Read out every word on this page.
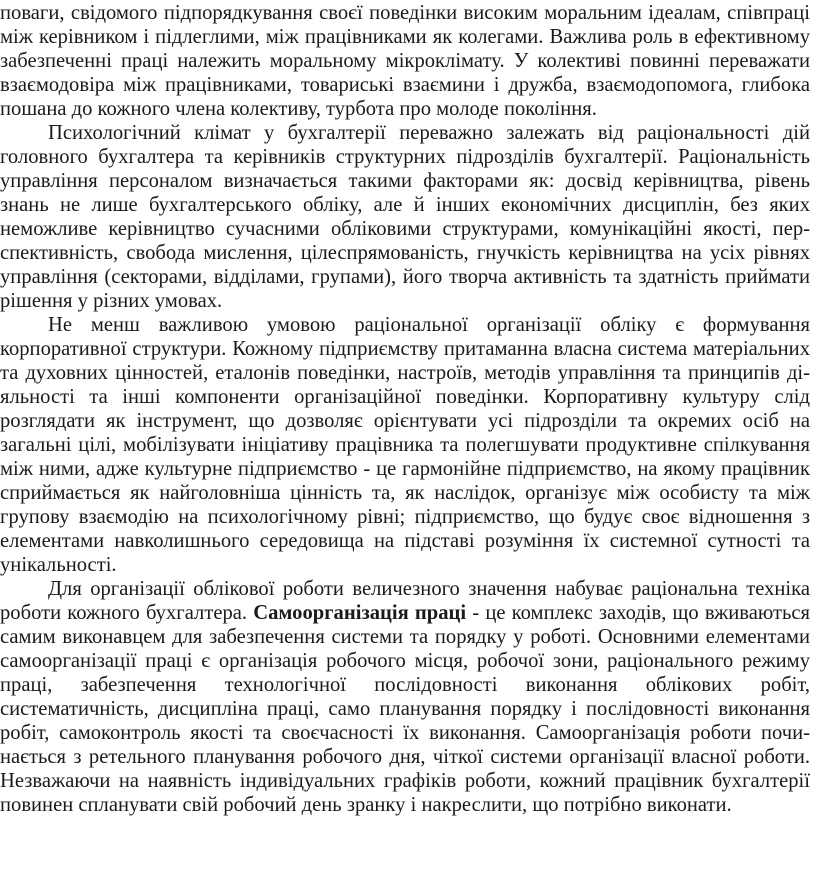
поваги, свідомого підпорядкування своєї поведінки високим моральним ідеалам, співпраці між керівником і підлеглими, між працівниками як колегами. Важлива роль в ефективному забезпеченні праці належить моральному мікроклімату. У колективі повинні переважати взаємодовіра між працівниками, товариські взаємини і дружба, взаємодопомога, глибока пошана до кожного члена колективу, турбота про молоде покоління.

Психологічний клімат у бухгалтерії переважно залежать від раціональності дій головного бухгалтера та керівників структурних підрозділів бухгалтерії. Раціональність управління персоналом визначається такими факторами як: досвід керівництва, рівень знань не лише бухгалтерського обліку, але й інших економічних дисциплін, без яких неможливе керівництво сучасними обліковими структурами, комунікаційні якості, перспективність, свобода мислення, цілеспрямованість, гнучкість керівництва на усіх рівнях управління (секторами, відділами, групами), його творча активність та здатність приймати рішення у різних умовах.

Не менш важливою умовою раціональної організації обліку є формування корпоративної структури. Кожному підприємству притаманна власна система матеріальних та духовних цінностей, еталонів поведінки, настроїв, методів управління та принципів діяльності та інші компоненти організаційної поведінки. Корпоративну культуру слід розглядати як інструмент, що дозволяє орієнтувати усі підрозділи та окремих осіб на загальні цілі, мобілізувати ініціативу працівника та полегшувати продуктивне спілкування між ними, адже культурне підприємство - це гармонійне підприємство, на якому працівник сприймається як найголовніша цінність та, як наслідок, організує між особисту та між групову взаємодію на психологічному рівні; підприємство, що будує своє відношення з елементами навколишнього середовища на підставі розуміння їх системної сутності та унікальності.

Для організації облікової роботи величезного значення набуває раціональна техніка роботи кожного бухгалтера. Самоорганізація праці - це комплекс заходів, що вживаються самим виконавцем для забезпечення системи та порядку у роботі. Основними елементами самоорганізації праці є організація робочого місця, робочої зони, раціонального режиму праці, забезпечення технологічної послідовності виконання облікових робіт, систематичність, дисципліна праці, само планування порядку і послідовності виконання робіт, самоконтроль якості та своєчасності їх виконання. Самоорганізація роботи починається з ретельного планування робочого дня, чіткої системи організації власної роботи. Незважаючи на наявність індивідуальних графіків роботи, кожний працівник бухгалтерії повинен спланувати свій робочий день зранку і накреслити, що потрібно виконати.
